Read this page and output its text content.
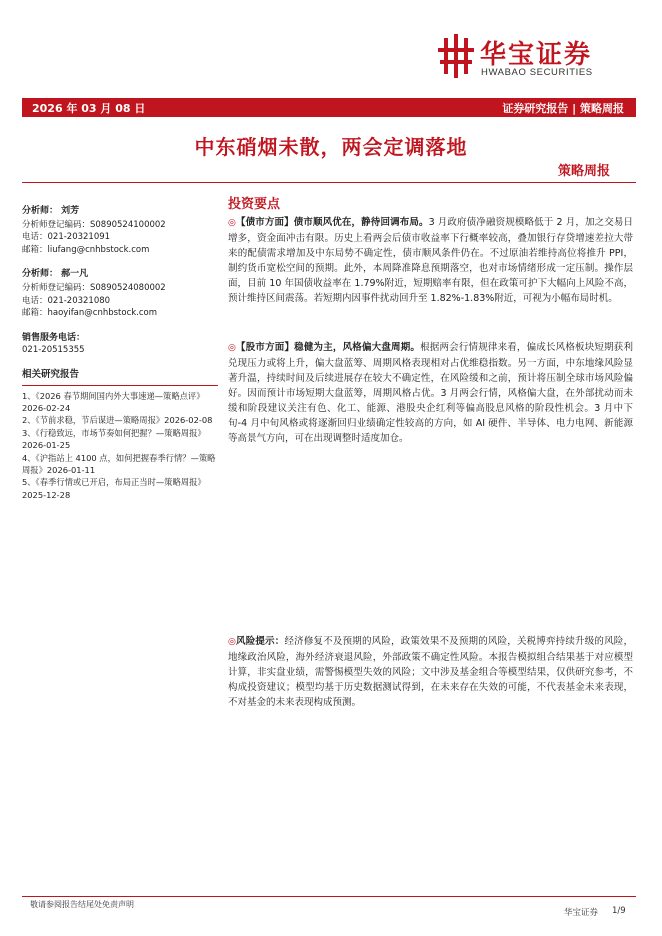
华宝证券
HWABAO SECURITIES
2026 年 03 月 08 日	证券研究报告 | 策略周报
中东硝烟未散，两会定调落地
策略周报
分析师： 刘芳
分析师登记编码：S0890524100002
电话：021-20321091
邮箱：liufang@cnhbstock.com
分析师： 郝一凡
分析师登记编码：S0890524080002
电话：021-20321080
邮箱：haoyifan@cnhbstock.com
销售服务电话：
021-20515355
相关研究报告
1、《2026 春节期间国内外大事速递—策略点评》2026-02-24
2、《节前求稳，节后谋进—策略周报》2026-02-08
3、《行稳致远，市场节奏如何把握？—策略周报》2026-01-25
4、《沪指站上 4100 点，如何把握春季行情？—策略周报》2026-01-11
5、《春季行情或已开启，布局正当时—策略周报》2025-12-28
投资要点
◎【债市方面】债市顺风优在，静待回调布局。3 月政府债净融资规模略低于 2 月，加之交易日增多，资金面冲击有限。历史上看两会后债市收益率下行概率较高，叠加银行存贷增速差拉大带来的配债需求增加及中东局势不确定性，债市顺风条件仍在。不过原油若维持高位将推升 PPI，制约货币宽松空间的预期。此外，本周降准降息预期落空，也对市场情绪形成一定压制。操作层面，目前 10 年国债收益率在 1.79%附近，短期赔率有限，但在政策可护下大幅向上风险不高，预计维持区间震荡。若短期内因事件扰动回升至 1.82%-1.83%附近，可视为小幅布局时机。
◎【股市方面】稳健为主，风格偏大盘周期。根据两会行情规律来看，偏成长风格板块短期获利兑现压力或将上升，偏大盘蓝筹、周期风格表现相对占优维稳指数。另一方面，中东地缘风险显著升温，持续时间及后续进展存在较大不确定性，在风险缓和之前，预计将压制全球市场风险偏好。因而预计市场短期大盘蓝筹，周期风格占优。3 月两会行情，风格偏大盘，在外部扰动而未缓和阶段建议关注有色、化工、能源、港股央企红利等偏高股息风格的阶段性机会。3 月中下旬-4 月中旬风格或将逐渐回归业绩确定性较高的方向，如 AI 硬件、半导体、电力电网、新能源等高景气方向，可在出现调整时适度加仓。
◎风险提示：经济修复不及预期的风险，政策效果不及预期的风险，关税博弈持续升级的风险，地缘政治风险，海外经济衰退风险，外部政策不确定性风险。本报告模拟组合结果基于对应模型计算，非实盘业绩，需警惕模型失效的风险；文中涉及基金组合等模型结果，仅供研究参考，不构成投资建议；模型均基于历史数据测试得到，在未来存在失效的可能，不代表基金未来表现，不对基金的未来表现构成预测。
敬请参阅报告结尾处免责声明
华宝证券 1/9
